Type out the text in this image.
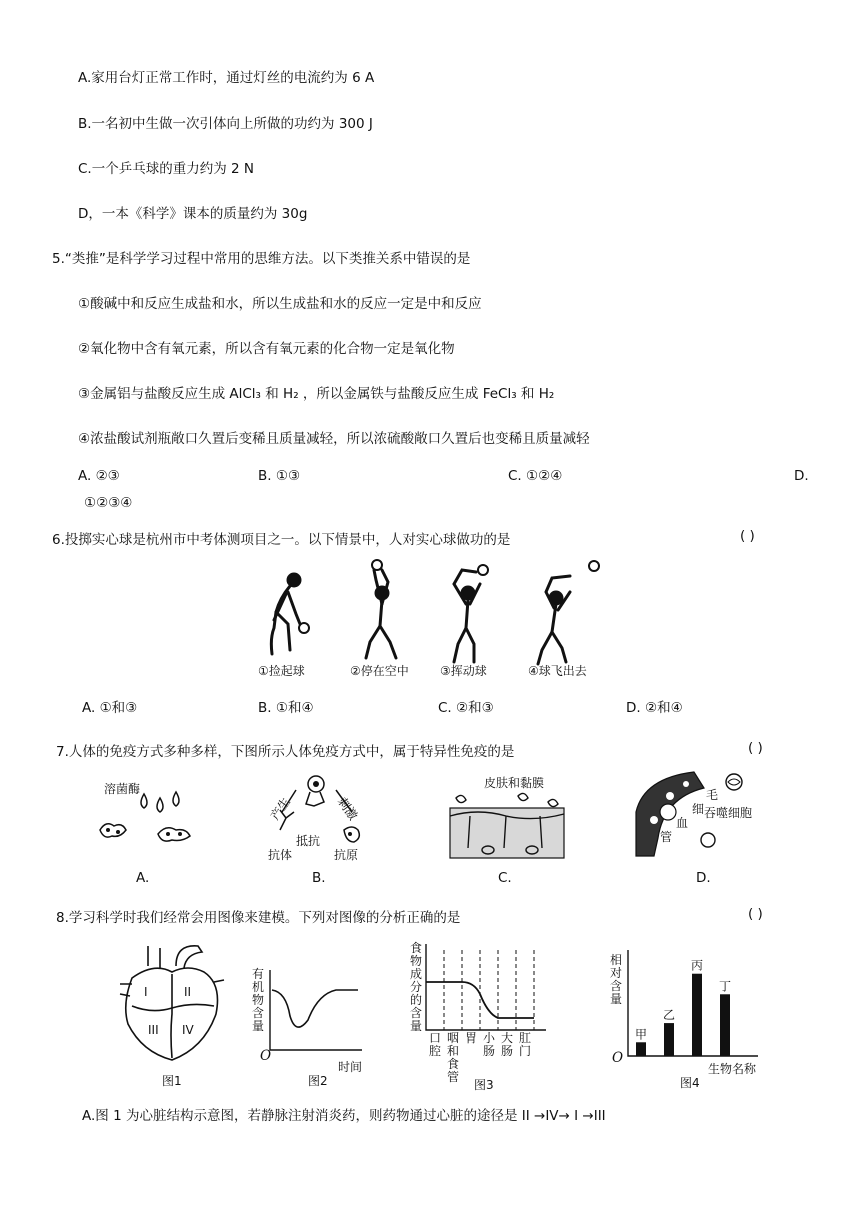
A.家用台灯正常工作时，通过灯丝的电流约为 6 A
B.一名初中生做一次引体向上所做的功约为 300 J
C.一个乒乓球的重力约为 2 N
D，一本《科学》课本的质量约为 30g
5.“类推”是科学学习过程中常用的思维方法。以下类推关系中错误的是
①酸碱中和反应生成盐和水，所以生成盐和水的反应一定是中和反应
②氧化物中含有氧元素，所以含有氧元素的化合物一定是氧化物
③金属铝与盐酸反应生成 AlCl₃ 和 H₂ ，所以金属铁与盐酸反应生成 FeCl₃ 和 H₂
④浓盐酸试剂瓶敞口久置后变稀且质量减轻，所以浓硫酸敞口久置后也变稀且质量减轻
A. ②③	B. ①③	C. ①②④	D.
①②③④
6.投掷实心球是杭州市中考体测项目之一。以下情景中，人对实心球做功的是	( )
①捡起球	②停在空中	③挥动球	④球飞出去
A. ①和③	B. ①和④	C. ②和③	D. ②和④
7.人体的免疫方式多种多样，下图所示人体免疫方式中，属于特异性免疫的是	( )
溶菌酶
产生	刺激
抵抗
抗体	抗原
皮肤和黏膜
毛
细
血
管
吞噬细胞
A.	B.	C.	D.
8.学习科学时我们经常会用图像来建模。下列对图像的分析正确的是	( )
I	II
III IV
图1
有
机
物
含
量
O
时间
图2
食
物
成
分
的
含
量
口
腔
咽
和
食
管
胃 小
肠
大
肠
肛
门
图3
相
对
含
量
甲
乙
丙
丁
O
生物名称
图4
A.图 1 为心脏结构示意图，若静脉注射消炎药，则药物通过心脏的途径是 II →IV→ I →III
